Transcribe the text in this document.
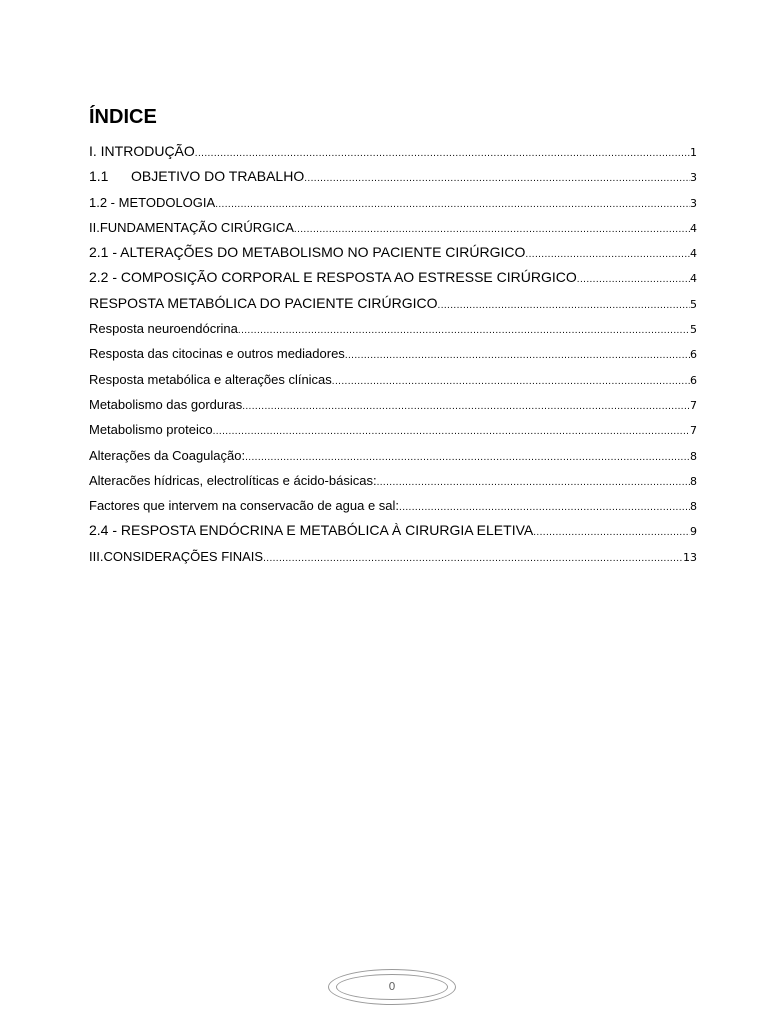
ÍNDICE
I. INTRODUÇÃO .....	1
1.1 OBJETIVO DO TRABALHO .....	3
1.2 - METODOLOGIA .....	3
II.FUNDAMENTAÇÃO CIRÚRGICA .....	4
2.1 - ALTERAÇÕES DO METABOLISMO NO PACIENTE CIRÚRGICO .....	4
2.2 - COMPOSIÇÃO CORPORAL E RESPOSTA AO ESTRESSE CIRÚRGICO .....	4
RESPOSTA METABÓLICA DO PACIENTE CIRÚRGICO .....	5
Resposta neuroendócrina .....	5
Resposta das citocinas e outros mediadores .....	6
Resposta metabólica e alterações clínicas .....	6
Metabolismo das gorduras .....	7
Metabolismo proteico .....	7
Alterações da Coagulação: .....	8
Alteracões hídricas, electrolíticas e ácido-básicas: .....	8
Factores que intervem na conservacão de agua e sal: .....	8
2.4 - RESPOSTA ENDÓCRINA E METABÓLICA À CIRURGIA ELETIVA .....	9
III.CONSIDERAÇÕES FINAIS .....	13
0
